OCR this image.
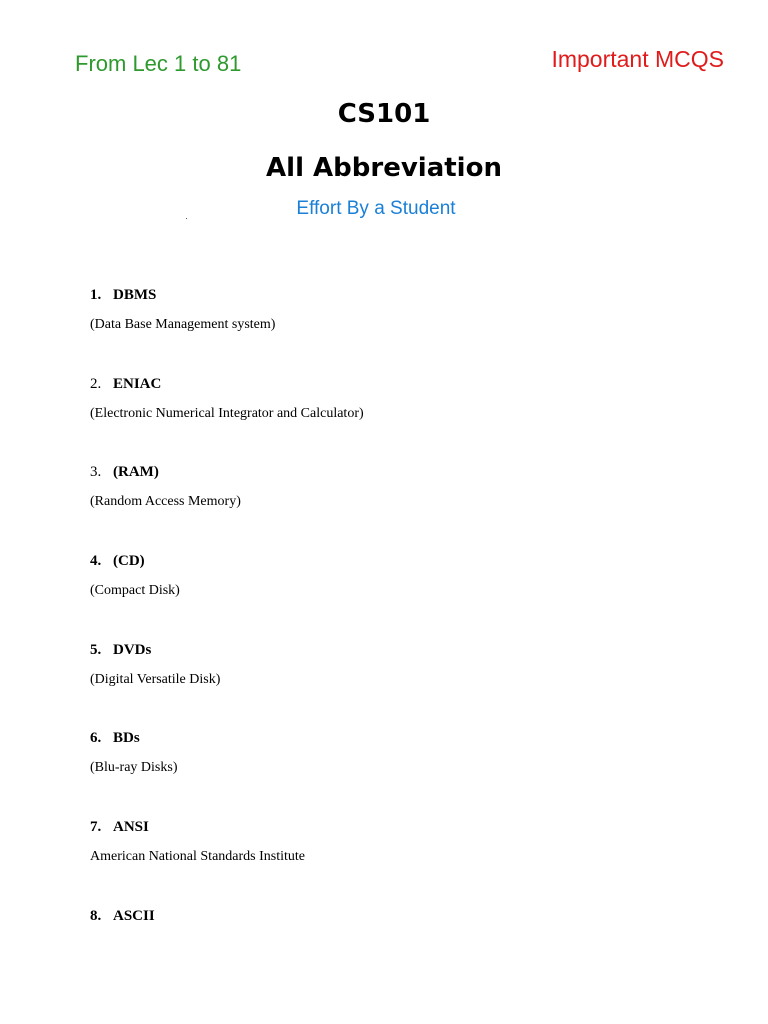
From Lec 1 to 81	Important MCQS
CS101
All Abbreviation
Effort By a Student
1. DBMS
(Data Base Management system)
2. ENIAC
(Electronic Numerical Integrator and Calculator)
3. (RAM)
(Random Access Memory)
4. (CD)
(Compact Disk)
5. DVDs
(Digital Versatile Disk)
6. BDs
(Blu-ray Disks)
7. ANSI
American National Standards Institute
8. ASCII
